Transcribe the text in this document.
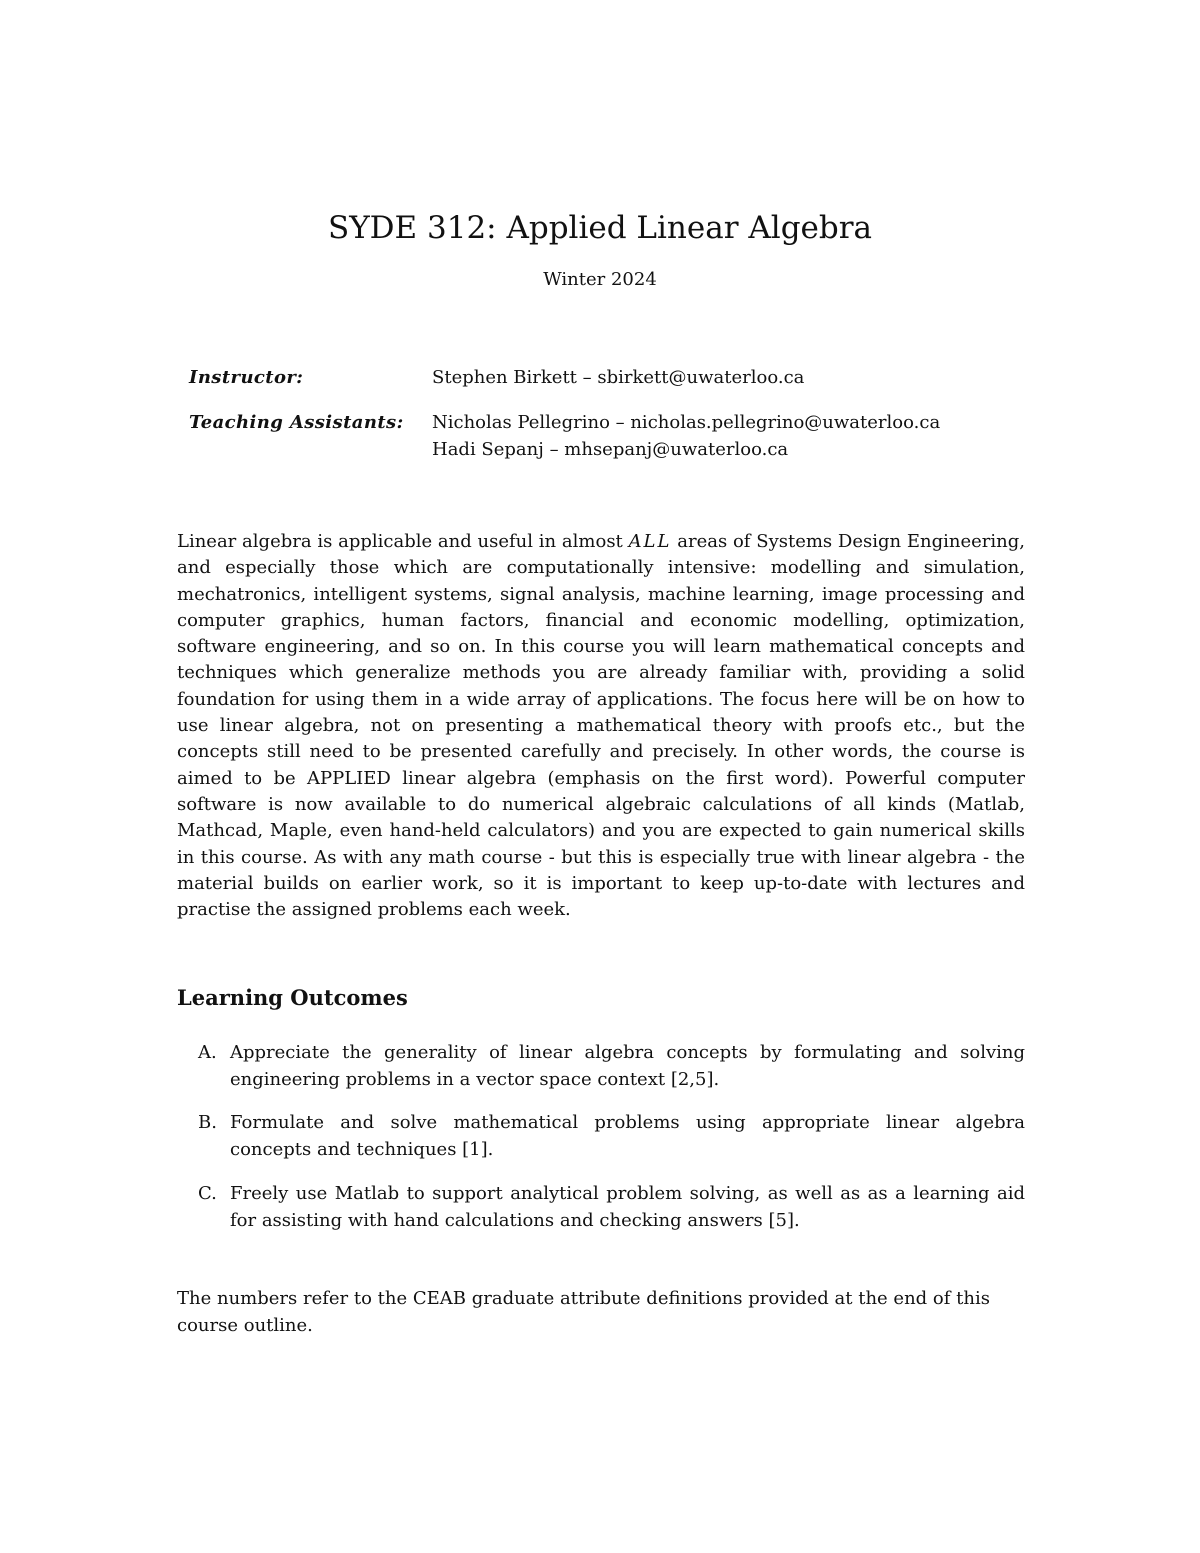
SYDE 312: Applied Linear Algebra
Winter 2024
Instructor:	Stephen Birkett – sbirkett@uwaterloo.ca
Teaching Assistants: Nicholas Pellegrino – nicholas.pellegrino@uwaterloo.ca
Hadi Sepanj – mhsepanj@uwaterloo.ca

Linear algebra is applicable and useful in almost ALL areas of Systems Design Engineering, and especially those which are computationally intensive: modelling and simulation, mechatronics, intelligent systems, signal analysis, machine learning, image processing and computer graphics, human factors, financial and economic modelling, optimization, software engineering, and so on. In this course you will learn mathematical concepts and techniques which generalize methods you are already familiar with, providing a solid foundation for using them in a wide array of applications. The focus here will be on how to use linear algebra, not on presenting a mathematical theory with proofs etc., but the concepts still need to be presented carefully and precisely. In other words, the course is aimed to be APPLIED linear algebra (emphasis on the first word). Powerful computer software is now available to do numerical algebraic calculations of all kinds (Matlab, Mathcad, Maple, even hand-held calculators) and you are expected to gain numerical skills in this course. As with any math course - but this is especially true with linear algebra - the material builds on earlier work, so it is important to keep up-to-date with lectures and practise the assigned problems each week.

Learning Outcomes
A. Appreciate the generality of linear algebra concepts by formulating and solving engineering problems in a vector space context [2,5].

B. Formulate and solve mathematical problems using appropriate linear algebra concepts and techniques [1].

C. Freely use Matlab to support analytical problem solving, as well as as a learning aid for assisting with hand calculations and checking answers [5].

The numbers refer to the CEAB graduate attribute definitions provided at the end of this course outline.
